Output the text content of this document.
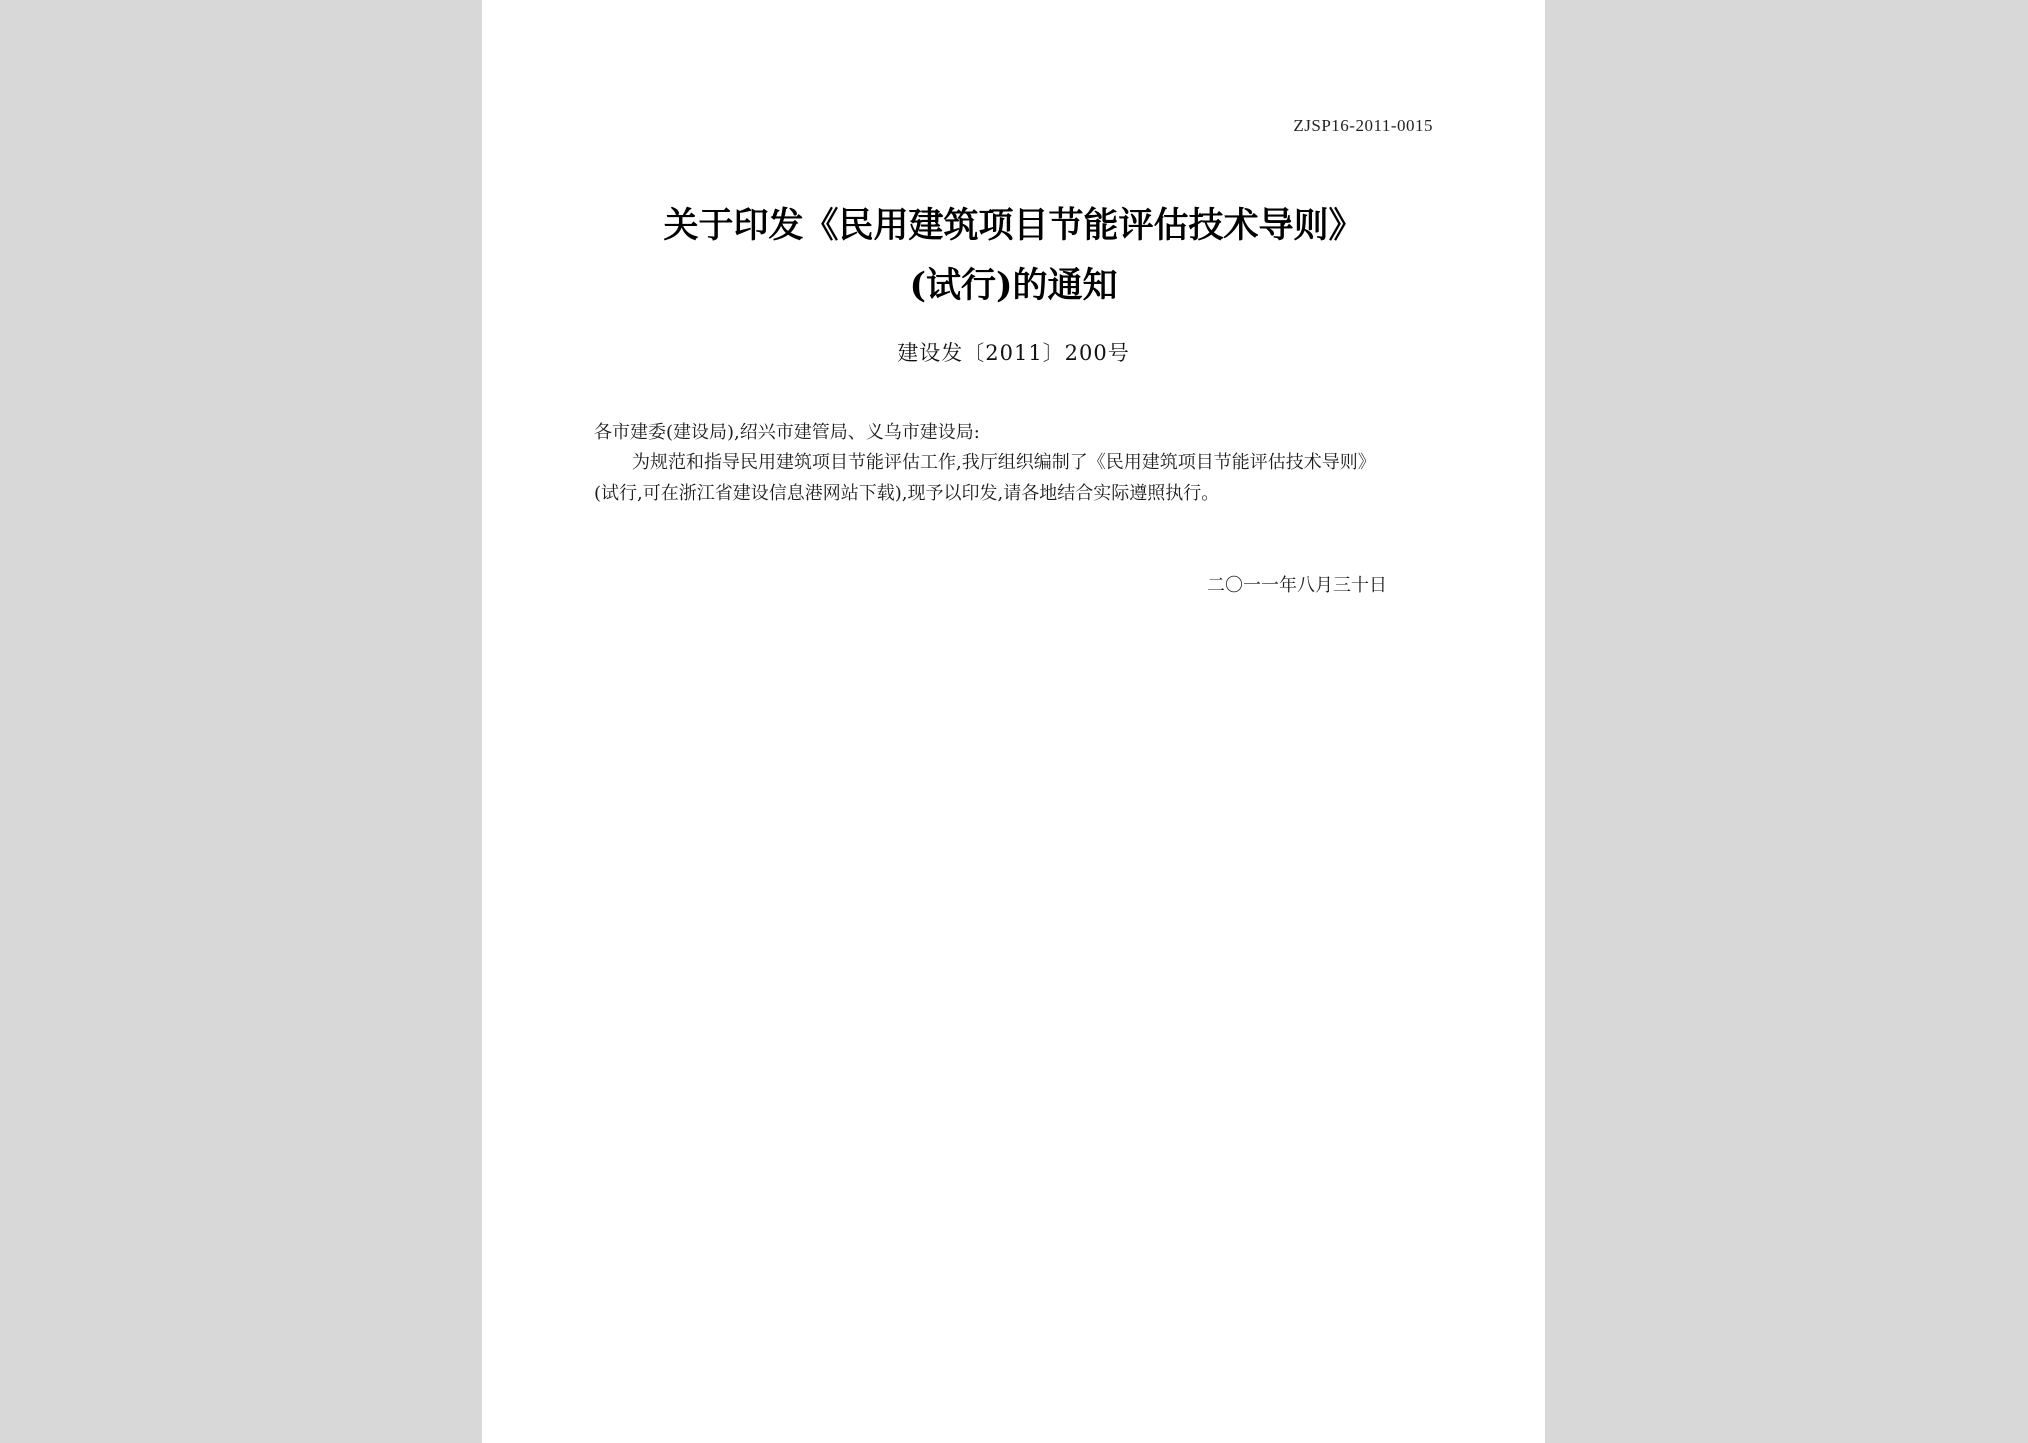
ZJSP16-2011-0015
关于印发《民用建筑项目节能评估技术导则》
(试行)的通知
建设发〔2011〕200号
各市建委(建设局),绍兴市建管局、义乌市建设局:
为规范和指导民用建筑项目节能评估工作,我厅组织编制了《民用建筑项目节能评估技术导则》
(试行,可在浙江省建设信息港网站下载),现予以印发,请各地结合实际遵照执行。
二〇一一年八月三十日
